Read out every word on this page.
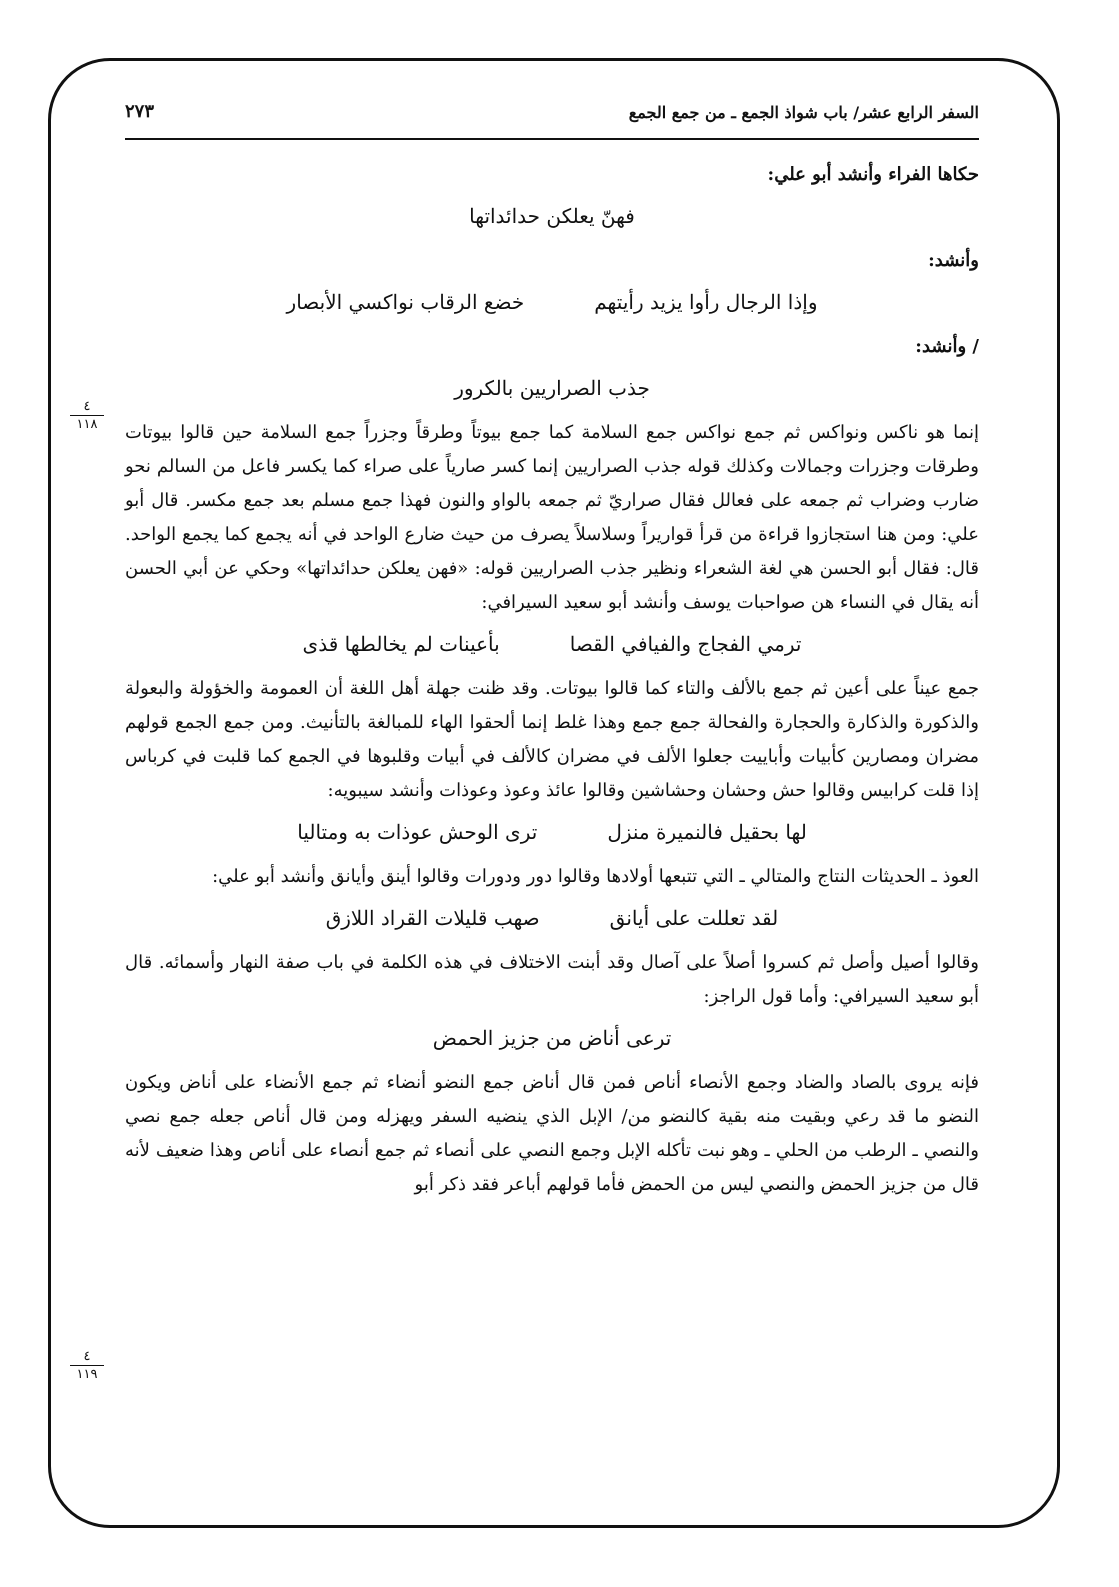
السفر الرابع عشر/ باب شواذ الجمع ـ من جمع الجمع
٢٧٣
٤
١١٨
٤
١١٩

حكاها الفراء وأنشد أبو علي:

فهنّ يعلكن حدائداتها

وأنشد:

وإذا الرجال رأوا يزيد رأيتهم
خضع الرقاب نواكسي الأبصار

/ وأنشد:

جذب الصراريين بالكرور

إنما هو ناكس ونواكس ثم جمع نواكس جمع السلامة كما جمع بيوتاً وطرقاً وجزراً جمع السلامة حين قالوا بيوتات وطرقات وجزرات وجمالات وكذلك قوله جذب الصراريين إنما كسر صارياً على صراء كما يكسر فاعل من السالم نحو ضارب وضراب ثم جمعه على فعالل فقال صراريّ ثم جمعه بالواو والنون فهذا جمع مسلم بعد جمع مكسر. قال أبو علي: ومن هنا استجازوا قراءة من قرأ قواريراً وسلاسلاً يصرف من حيث ضارع الواحد في أنه يجمع كما يجمع الواحد. قال: فقال أبو الحسن هي لغة الشعراء ونظير جذب الصراريين قوله: «فهن يعلكن حدائداتها» وحكي عن أبي الحسن أنه يقال في النساء هن صواحبات يوسف وأنشد أبو سعيد السيرافي:

ترمي الفجاج والفيافي القصا
بأعينات لم يخالطها قذى

جمع عيناً على أعين ثم جمع بالألف والتاء كما قالوا بيوتات. وقد ظنت جهلة أهل اللغة أن العمومة والخؤولة والبعولة والذكورة والذكارة والحجارة والفحالة جمع جمع وهذا غلط إنما ألحقوا الهاء للمبالغة بالتأنيث. ومن جمع الجمع قولهم مضران ومصارين كأبيات وأباييت جعلوا الألف في مضران كالألف في أبيات وقلبوها في الجمع كما قلبت في كرباس إذا قلت كرابيس وقالوا حش وحشان وحشاشين وقالوا عائذ وعوذ وعوذات وأنشد سيبويه:

لها بحقيل فالنميرة منزل
ترى الوحش عوذات به ومتاليا

العوذ ـ الحديثات النتاج والمتالي ـ التي تتبعها أولادها وقالوا دور ودورات وقالوا أينق وأيانق وأنشد أبو علي:

لقد تعللت على أيانق
صهب قليلات القراد اللازق

وقالوا أصيل وأصل ثم كسروا أصلاً على آصال وقد أبنت الاختلاف في هذه الكلمة في باب صفة النهار وأسمائه. قال أبو سعيد السيرافي: وأما قول الراجز:

ترعى أناض من جزيز الحمض

فإنه يروى بالصاد والضاد وجمع الأنصاء أناص فمن قال أناض جمع النضو أنضاء ثم جمع الأنضاء على أناض ويكون النضو ما قد رعي وبقيت منه بقية كالنضو من/ الإبل الذي ينضيه السفر ويهزله ومن قال أناص جعله جمع نصي والنصي ـ الرطب من الحلي ـ وهو نبت تأكله الإبل وجمع النصي على أنصاء ثم جمع أنصاء على أناص وهذا ضعيف لأنه قال من جزيز الحمض والنصي ليس من الحمض فأما قولهم أباعر فقد ذكر أبو
